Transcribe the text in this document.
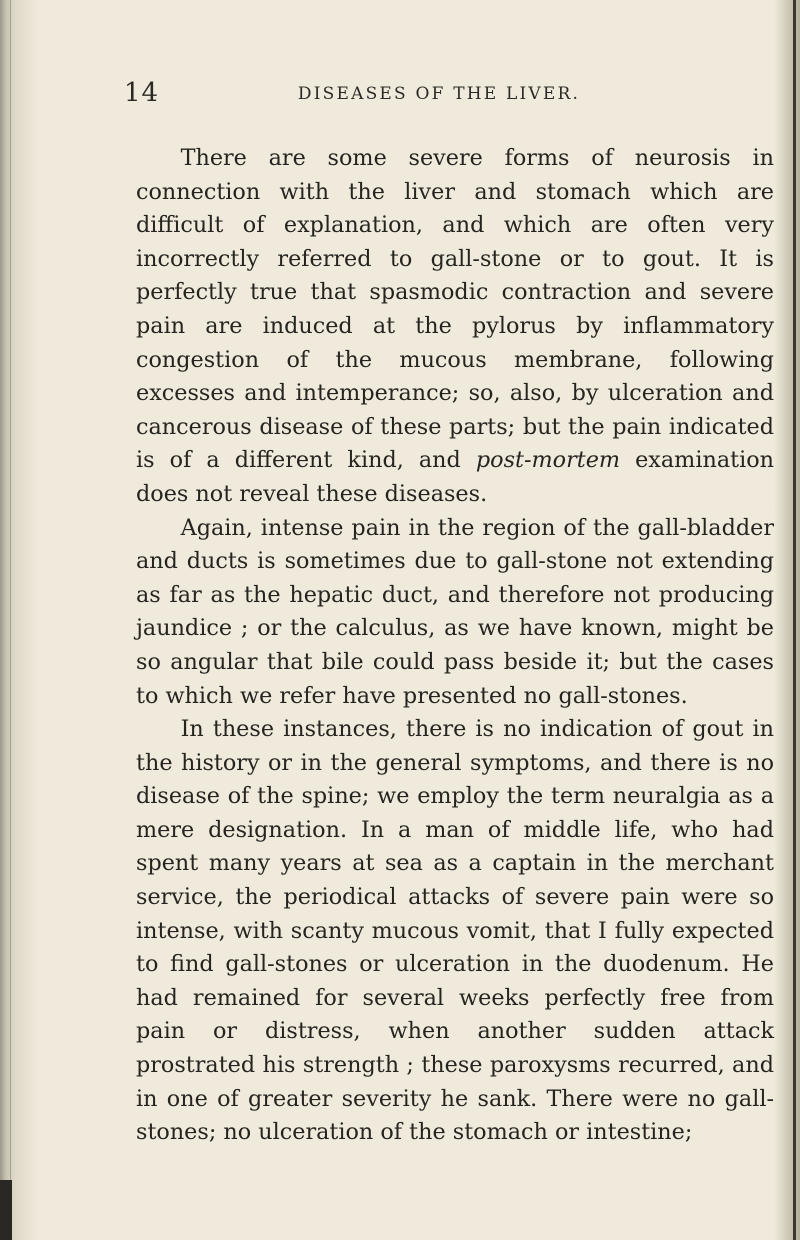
14	DISEASES OF THE LIVER.

There are some severe forms of neurosis in connection with the liver and stomach which are difficult of explanation, and which are often very incorrectly referred to gall-stone or to gout. It is perfectly true that spasmodic contraction and severe pain are induced at the pylorus by inflammatory congestion of the mucous membrane, following excesses and intemperance; so, also, by ulceration and cancerous disease of these parts; but the pain indicated is of a different kind, and post-mortem examination does not reveal these diseases.

Again, intense pain in the region of the gall-bladder and ducts is sometimes due to gall-stone not extending as far as the hepatic duct, and therefore not producing jaundice ; or the calculus, as we have known, might be so angular that bile could pass beside it; but the cases to which we refer have presented no gall-stones.

In these instances, there is no indication of gout in the history or in the general symptoms, and there is no disease of the spine; we employ the term neuralgia as a mere designation. In a man of middle life, who had spent many years at sea as a captain in the merchant service, the periodical attacks of severe pain were so intense, with scanty mucous vomit, that I fully expected to find gall-stones or ulceration in the duodenum. He had remained for several weeks perfectly free from pain or distress, when another sudden attack prostrated his strength ; these paroxysms recurred, and in one of greater severity he sank. There were no gall-stones; no ulceration of the stomach or intestine;
